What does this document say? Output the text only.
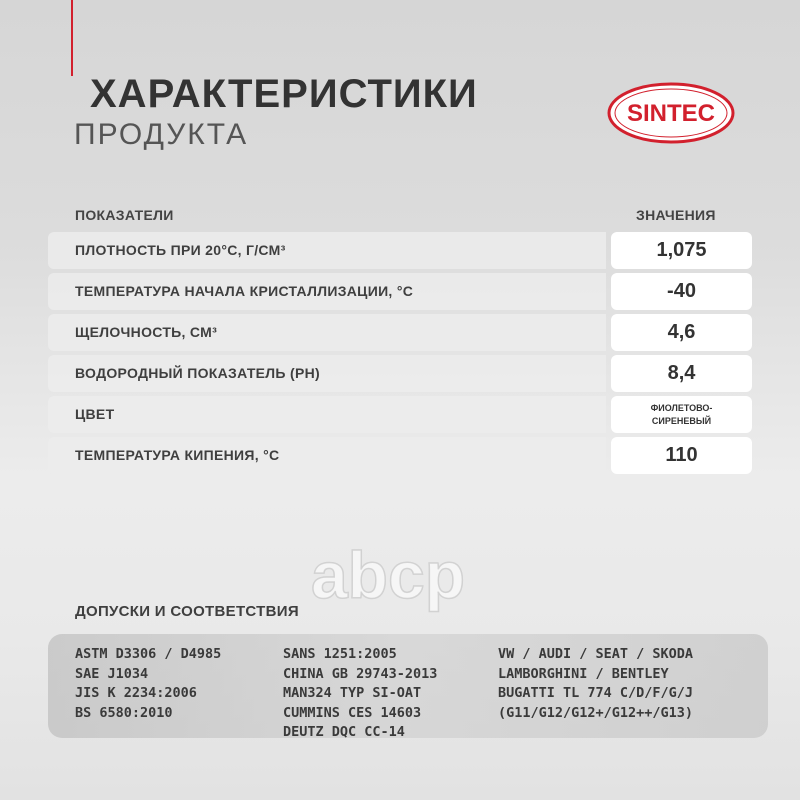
ХАРАКТЕРИСТИКИ
ПРОДУКТА
SINTEC
ПОКАЗАТЕЛИ	ЗНАЧЕНИЯ
ПЛОТНОСТЬ ПРИ 20°С, Г/СМ³	1,075
ТЕМПЕРАТУРА НАЧАЛА КРИСТАЛЛИЗАЦИИ, °С	-40
ЩЕЛОЧНОСТЬ, СМ³	4,6
ВОДОРОДНЫЙ ПОКАЗАТЕЛЬ (PH)	8,4
ЦВЕТ	ФИОЛЕТОВО-
СИРЕНЕВЫЙ
ТЕМПЕРАТУРА КИПЕНИЯ, °С	110
abcp
ДОПУСКИ И СООТВЕТСТВИЯ
ASTM D3306 / D4985
SAE J1034
JIS K 2234:2006
BS 6580:2010
SANS 1251:2005
CHINA GB 29743-2013
MAN324 TYP SI-OAT
CUMMINS CES 14603
DEUTZ DQC CC-14
VW / AUDI / SEAT / SKODA
LAMBORGHINI / BENTLEY
BUGATTI TL 774 C/D/F/G/J
(G11/G12/G12+/G12++/G13)
